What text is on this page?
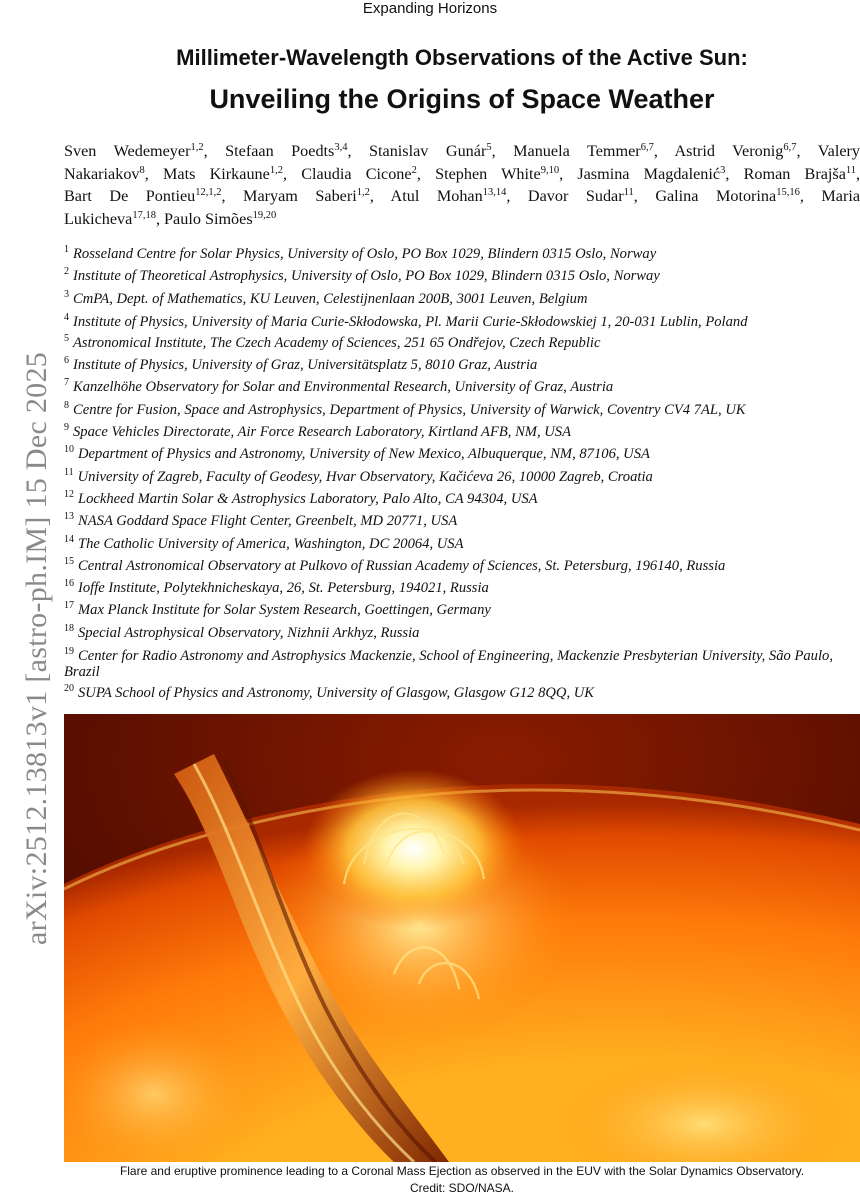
arXiv:2512.13813v1 [astro-ph.IM] 15 Dec 2025
Expanding Horizons
Millimeter-Wavelength Observations of the Active Sun:
Unveiling the Origins of Space Weather
Sven Wedemeyer$^{1,2}$, Stefaan Poedts$^{3,4}$, Stanislav Gunár$^5$, Manuela Temmer$^{6,7}$, Astrid Veronig$^{6,7}$, Valery
Nakariakov$^8$, Mats Kirkaune$^{1,2}$, Claudia Cicone$^2$, Stephen White$^{9,10}$, Jasmina Magdalenić$^3$, Roman Brajša$^{11}$,
Bart De Pontieu$^{12,1,2}$, Maryam Saberi$^{1,2}$, Atul Mohan$^{13,14}$, Davor Sudar$^{11}$, Galina Motorina$^{15,16}$, Maria
Lukicheva$^{17,18}$, Paulo Simões$^{19,20}$
$^1$ Rosseland Centre for Solar Physics, University of Oslo, PO Box 1029, Blindern 0315 Oslo, Norway
$^2$ Institute of Theoretical Astrophysics, University of Oslo, PO Box 1029, Blindern 0315 Oslo, Norway
$^3$ CmPA, Dept. of Mathematics, KU Leuven, Celestijnenlaan 200B, 3001 Leuven, Belgium
$^4$ Institute of Physics, University of Maria Curie-Skłodowska, Pl. Marii Curie-Skłodowskiej 1, 20-031 Lublin, Poland
$^5$ Astronomical Institute, The Czech Academy of Sciences, 251 65 Ondřejov, Czech Republic
$^6$ Institute of Physics, University of Graz, Universitätsplatz 5, 8010 Graz, Austria
$^7$ Kanzelhöhe Observatory for Solar and Environmental Research, University of Graz, Austria
$^8$ Centre for Fusion, Space and Astrophysics, Department of Physics, University of Warwick, Coventry CV4 7AL, UK
$^9$ Space Vehicles Directorate, Air Force Research Laboratory, Kirtland AFB, NM, USA
$^{10}$ Department of Physics and Astronomy, University of New Mexico, Albuquerque, NM, 87106, USA
$^{11}$ University of Zagreb, Faculty of Geodesy, Hvar Observatory, Kačićeva 26, 10000 Zagreb, Croatia
$^{12}$ Lockheed Martin Solar & Astrophysics Laboratory, Palo Alto, CA 94304, USA
$^{13}$ NASA Goddard Space Flight Center, Greenbelt, MD 20771, USA
$^{14}$ The Catholic University of America, Washington, DC 20064, USA
$^{15}$ Central Astronomical Observatory at Pulkovo of Russian Academy of Sciences, St. Petersburg, 196140, Russia
$^{16}$ Ioffe Institute, Polytekhnicheskaya, 26, St. Petersburg, 194021, Russia
$^{17}$ Max Planck Institute for Solar System Research, Goettingen, Germany
$^{18}$ Special Astrophysical Observatory, Nizhnii Arkhyz, Russia
$^{19}$ Center for Radio Astronomy and Astrophysics Mackenzie, School of Engineering, Mackenzie Presbyterian University, São Paulo, Brazil
$^{20}$ SUPA School of Physics and Astronomy, University of Glasgow, Glasgow G12 8QQ, UK
Flare and eruptive prominence leading to a Coronal Mass Ejection as observed in the EUV with the Solar Dynamics Observatory.
Credit: SDO/NASA.
